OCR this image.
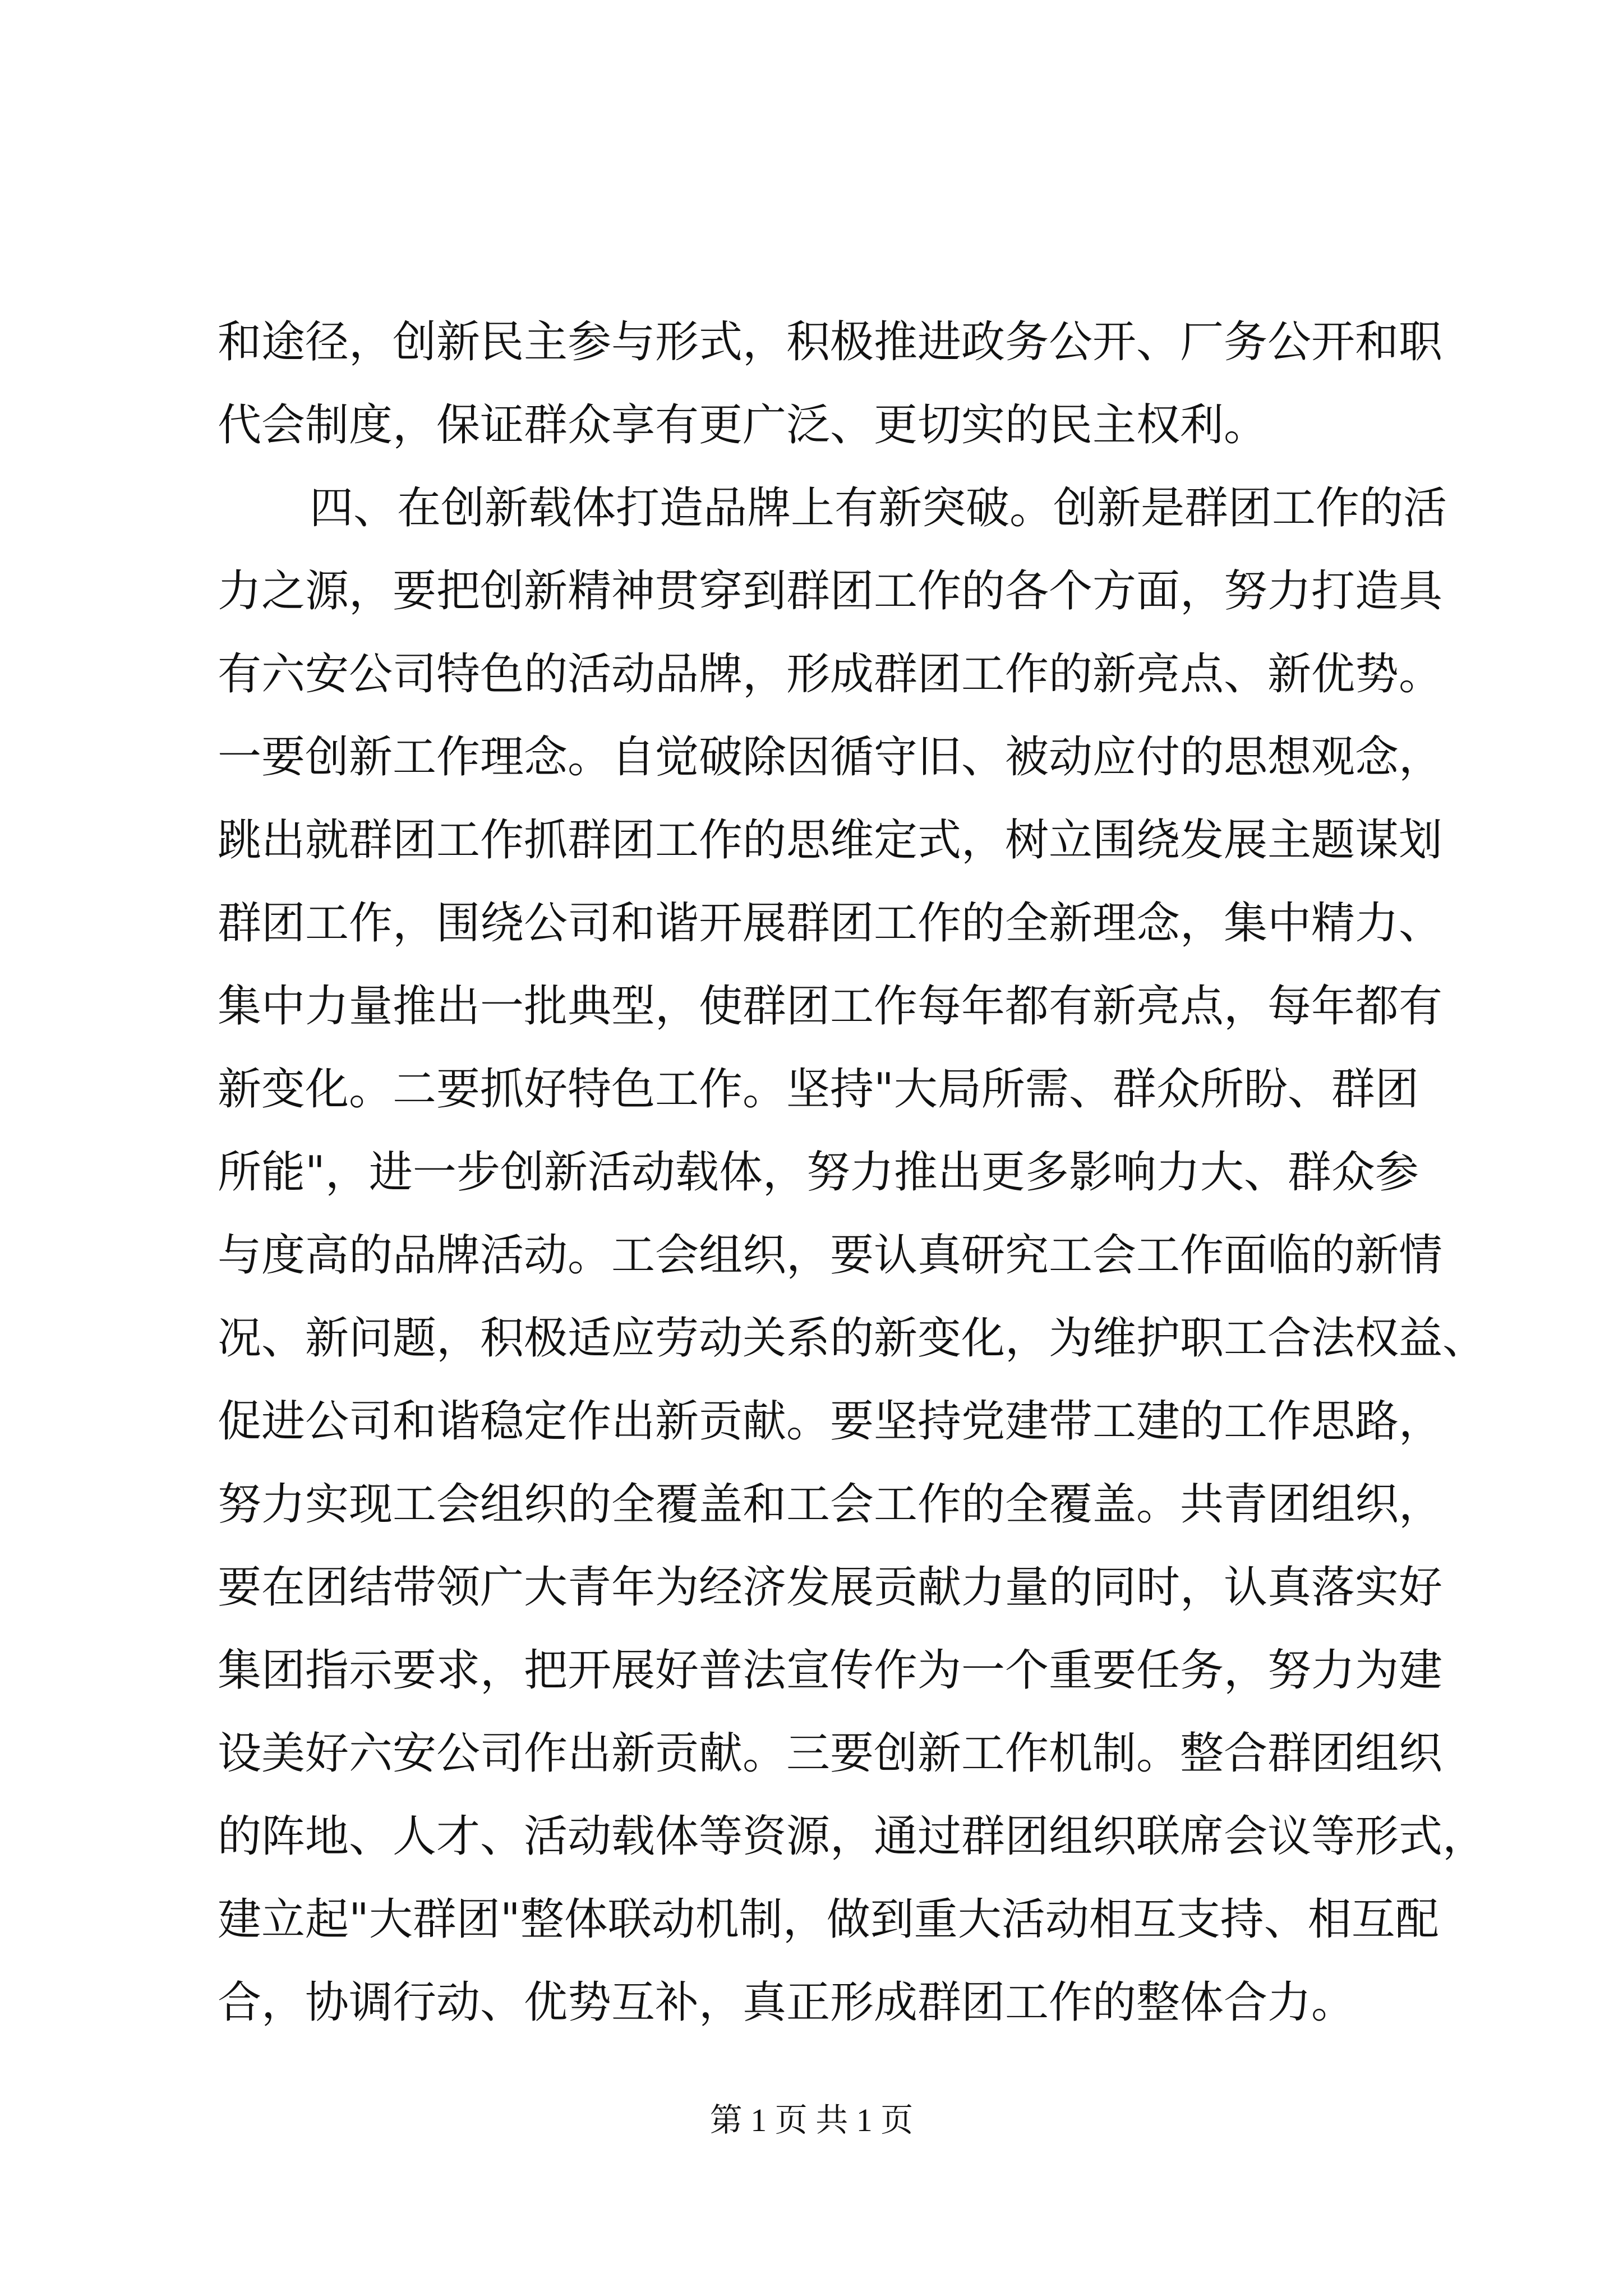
和途径，创新民主参与形式，积极推进政务公开、厂务公开和职
代会制度，保证群众享有更广泛、更切实的民主权利。
四、在创新载体打造品牌上有新突破。创新是群团工作的活
力之源，要把创新精神贯穿到群团工作的各个方面，努力打造具
有六安公司特色的活动品牌，形成群团工作的新亮点、新优势。
一要创新工作理念。自觉破除因循守旧、被动应付的思想观念，
跳出就群团工作抓群团工作的思维定式，树立围绕发展主题谋划
群团工作，围绕公司和谐开展群团工作的全新理念，集中精力、
集中力量推出一批典型，使群团工作每年都有新亮点，每年都有
新变化。二要抓好特色工作。坚持"大局所需、群众所盼、群团
所能"，进一步创新活动载体，努力推出更多影响力大、群众参
与度高的品牌活动。工会组织，要认真研究工会工作面临的新情
况、新问题，积极适应劳动关系的新变化，为维护职工合法权益、
促进公司和谐稳定作出新贡献。要坚持党建带工建的工作思路，
努力实现工会组织的全覆盖和工会工作的全覆盖。共青团组织，
要在团结带领广大青年为经济发展贡献力量的同时，认真落实好
集团指示要求，把开展好普法宣传作为一个重要任务，努力为建
设美好六安公司作出新贡献。三要创新工作机制。整合群团组织
的阵地、人才、活动载体等资源，通过群团组织联席会议等形式，
建立起"大群团"整体联动机制，做到重大活动相互支持、相互配
合，协调行动、优势互补，真正形成群团工作的整体合力。
第 1 页 共 1 页
